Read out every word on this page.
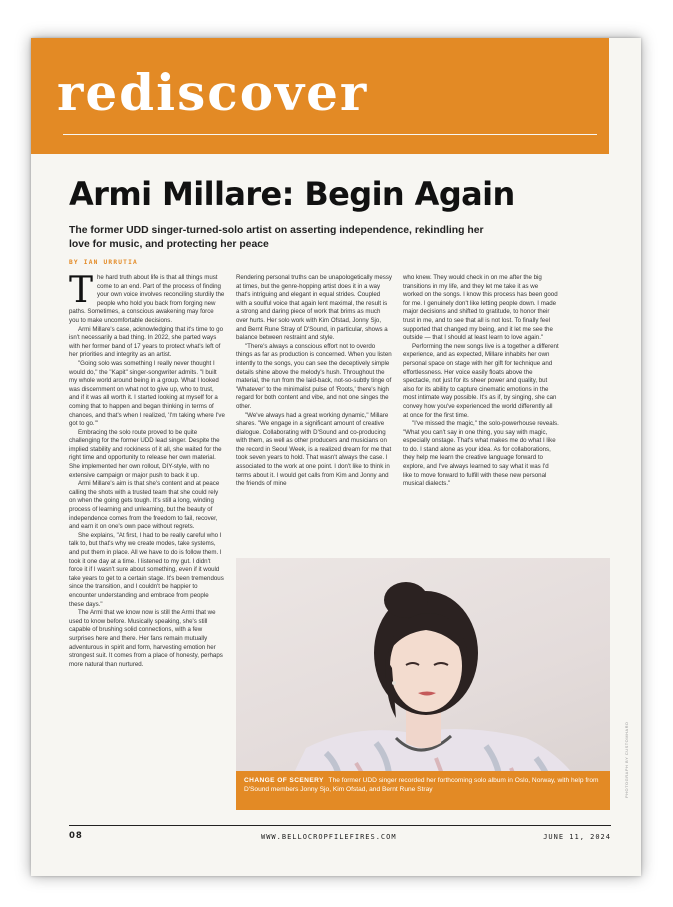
rediscover
Armi Millare: Begin Again
The former UDD singer-turned-solo artist on asserting independence, rekindling her love for music, and protecting her peace
BY IAN URRUTIA

The hard truth about life is that all things must come to an end. Part of the process of finding your own voice involves reconciling sturdily the people who hold you back from forging new paths. Sometimes, a conscious awakening may force you to make uncomfortable decisions.

Armi Millare's case, acknowledging that it's time to go isn't necessarily a bad thing. In 2022, she parted ways with her former band of 17 years to protect what's left of her priorities and integrity as an artist.

"Going solo was something I really never thought I would do," the "Kapit" singer-songwriter admits. "I built my whole world around being in a group. What I looked was discernment on what not to give up, who to trust, and if it was all worth it. I started looking at myself for a coming that to happen and began thinking in terms of chances, and that's when I realized, 'I'm taking where I've got to go.'"

Embracing the solo route proved to be quite challenging for the former UDD lead singer. Despite the implied stability and rockiness of it all, she waited for the right time and opportunity to release her own material. She implemented her own rollout, DIY-style, with no extensive campaign or major push to back it up.

Armi Millare's aim is that she's content and at peace calling the shots with a trusted team that she could rely on when the going gets tough. It's still a long, winding process of learning and unlearning, but the beauty of independence comes from the freedom to fail, recover, and earn it on one's own pace without regrets.

She explains, "At first, I had to be really careful who I talk to, but that's why we create modes, take systems, and put them in place. All we have to do is follow them. I took it one day at a time. I listened to my gut. I didn't force it if I wasn't sure about something, even if it would take years to get to a certain stage. It's been tremendous since the transition, and I couldn't be happier to encounter understanding and embrace from people these days."

The Armi that we know now is still the Armi that we used to know before. Musically speaking, she's still capable of brushing solid connections, with a few surprises here and there. Her fans remain mutually adventurous in spirit and form, harvesting emotion her strongest suit. It comes from a place of honesty, perhaps more natural than nurtured.

Rendering personal truths can be unapologetically messy at times, but the genre-hopping artist does it in a way that's intriguing and elegant in equal strides. Coupled with a soulful voice that again lent maximal, the result is a strong and daring piece of work that brims as much over hurts. Her solo work with Kim Ofstad, Jonny Sjo, and Bernt Rune Stray of D'Sound, in particular, shows a balance between restraint and style.

"There's always a conscious effort not to overdo things as far as production is concerned. When you listen intently to the songs, you can see the deceptively simple details shine above the melody's hush. Throughout the material, the run from the laid-back, not-so-subtly tinge of 'Whatever' to the minimalist pulse of 'Roots,' there's high regard for both content and vibe, and not one singes the other.

"We've always had a great working dynamic," Millare shares. "We engage in a significant amount of creative dialogue. Collaborating with D'Sound and co-producing with them, as well as other producers and musicians on the record in Seoul Week, is a realized dream for me that took seven years to hold. That wasn't always the case. I associated to the work at one point. I don't like to think in terms about it. I would get calls from Kim and Jonny and the friends of mine

who knew. They would check in on me after the big transitions in my life, and they let me take it as we worked on the songs. I know this process has been good for me. I genuinely don't like letting people down. I made major decisions and shifted to gratitude, to honor their trust in me, and to see that all is not lost. To finally feel supported that changed my being, and it let me see the outside — that I should at least learn to love again."

Performing the new songs live is a together a different experience, and as expected, Millare inhabits her own personal space on stage with her gift for technique and effortlessness. Her voice easily floats above the spectacle, not just for its sheer power and quality, but also for its ability to capture cinematic emotions in the most intimate way possible. It's as if, by singing, she can convey how you've experienced the world differently all at once for the first time.

"I've missed the magic," the solo-powerhouse reveals. "What you can't say in one thing, you say with magic, especially onstage. That's what makes me do what I like to do. I stand alone as your idea. As for collaborations, they help me learn the creative language forward to explore, and I've always learned to say what it was I'd like to move forward to fulfill with these new personal musical dialects."

CHANGE OF SCENERY The former UDD singer recorded her forthcoming solo album in Oslo, Norway, with help from D'Sound members Jonny Sjo, Kim Ofstad, and Bernt Rune Stray	PHOTOGRAPH BY CUSTOMHARD
08	WWW.BELLOCROPFILEFIRES.COM	JUNE 11, 2024
